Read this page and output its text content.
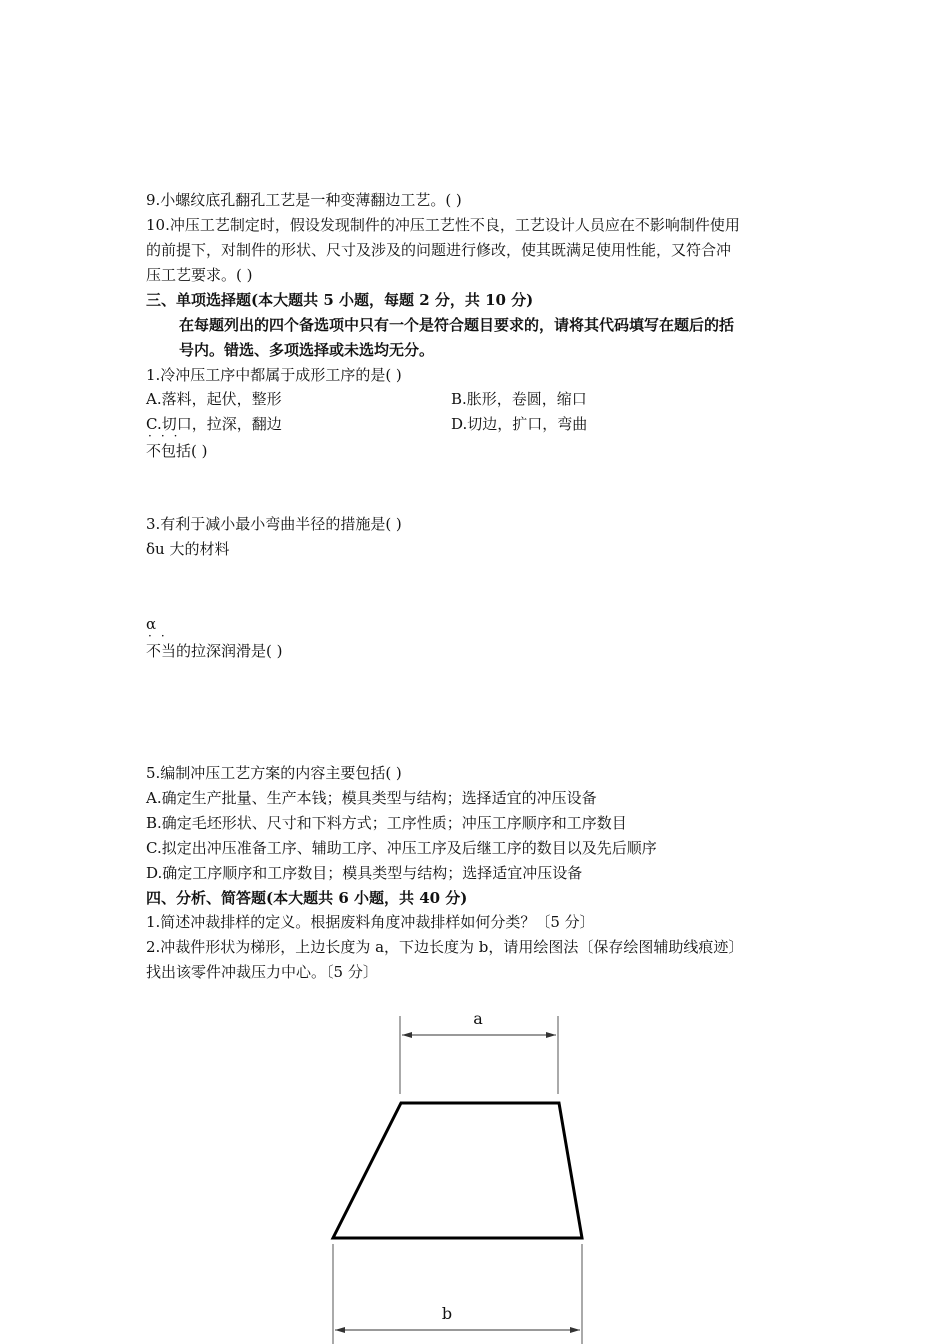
9.小螺纹底孔翻孔工艺是一种变薄翻边工艺。( )
10.冲压工艺制定时，假设发现制件的冲压工艺性不良，工艺设计人员应在不影响制件使用
的前提下，对制件的形状、尺寸及涉及的问题进行修改，使其既满足使用性能，又符合冲
压工艺要求。( )
三、单项选择题(本大题共 5 小题，每题 2 分，共 10 分)
在每题列出的四个备选项中只有一个是符合题目要求的，请将其代码填写在题后的括
号内。错选、多项选择或未选均无分。
1.冷冲压工序中都属于成形工序的是( )
A.落料，起伏，整形	B.胀形，卷圆，缩口
C.切口，拉深，翻边	D.切边，扩口，弯曲
···
不包括( )
3.有利于减小最小弯曲半径的措施是( )
δu 大的材料
α
··
不当的拉深润滑是( )
5.编制冲压工艺方案的内容主要包括( )
A.确定生产批量、生产本钱；模具类型与结构；选择适宜的冲压设备
B.确定毛坯形状、尺寸和下料方式；工序性质；冲压工序顺序和工序数目
C.拟定出冲压准备工序、辅助工序、冲压工序及后继工序的数目以及先后顺序
D.确定工序顺序和工序数目；模具类型与结构；选择适宜冲压设备
四、分析、简答题(本大题共 6 小题，共 40 分)
1.简述冲裁排样的定义。根据废料角度冲裁排样如何分类？〔5 分〕
2.冲裁件形状为梯形，上边长度为 a，下边长度为 b，请用绘图法〔保存绘图辅助线痕迹〕
找出该零件冲裁压力中心。〔5 分〕
a
b
